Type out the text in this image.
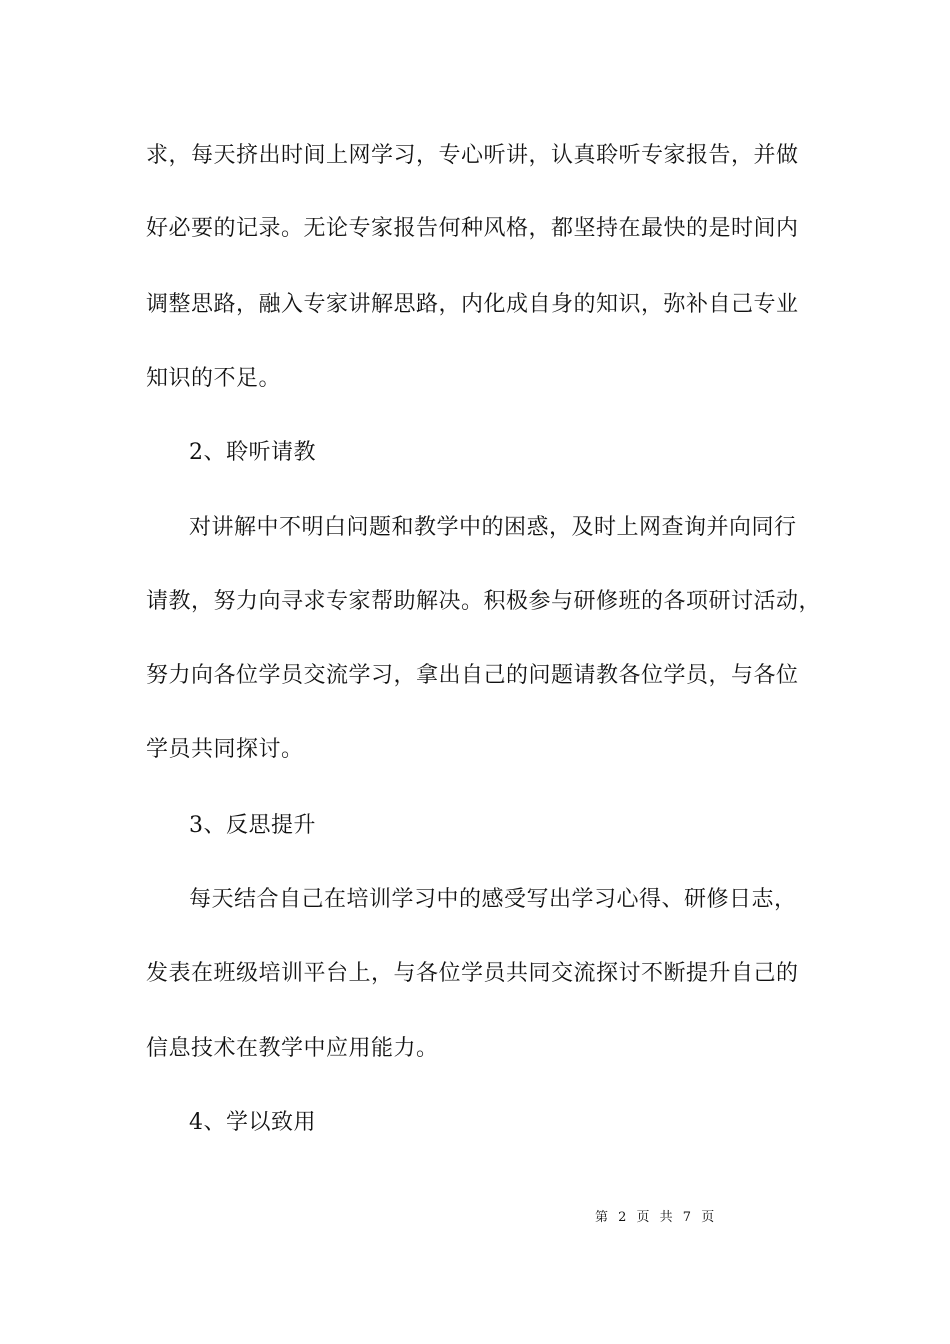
求，每天挤出时间上网学习，专心听讲，认真聆听专家报告，并做
好必要的记录。无论专家报告何种风格，都坚持在最快的是时间内
调整思路，融入专家讲解思路，内化成自身的知识，弥补自己专业
知识的不足。
2、聆听请教
对讲解中不明白问题和教学中的困惑，及时上网查询并向同行
请教，努力向寻求专家帮助解决。积极参与研修班的各项研讨活动，
努力向各位学员交流学习，拿出自己的问题请教各位学员，与各位
学员共同探讨。
3、反思提升
每天结合自己在培训学习中的感受写出学习心得、研修日志，
发表在班级培训平台上，与各位学员共同交流探讨不断提升自己的
信息技术在教学中应用能力。
4、学以致用
第 2 页 共 7 页
